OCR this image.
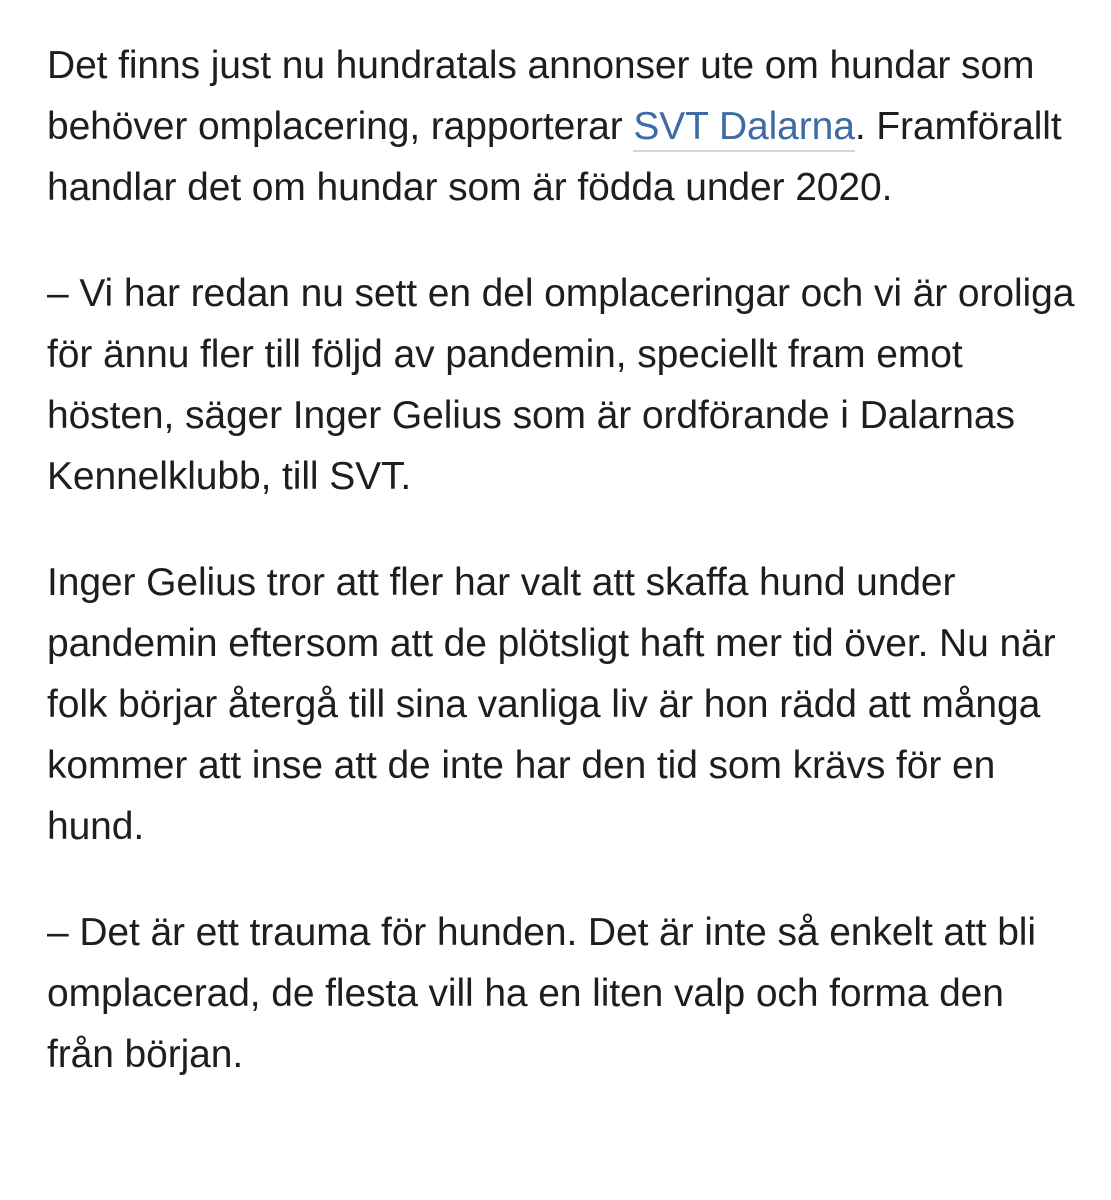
Det finns just nu hundratals annonser ute om hundar som behöver omplacering, rapporterar SVT Dalarna. Framförallt handlar det om hundar som är födda under 2020.

– Vi har redan nu sett en del omplaceringar och vi är oroliga för ännu fler till följd av pandemin, speciellt fram emot hösten, säger Inger Gelius som är ordförande i Dalarnas Kennelklubb, till SVT.

Inger Gelius tror att fler har valt att skaffa hund under pandemin eftersom att de plötsligt haft mer tid över. Nu när folk börjar återgå till sina vanliga liv är hon rädd att många kommer att inse att de inte har den tid som krävs för en hund.

– Det är ett trauma för hunden. Det är inte så enkelt att bli omplacerad, de flesta vill ha en liten valp och forma den från början.
